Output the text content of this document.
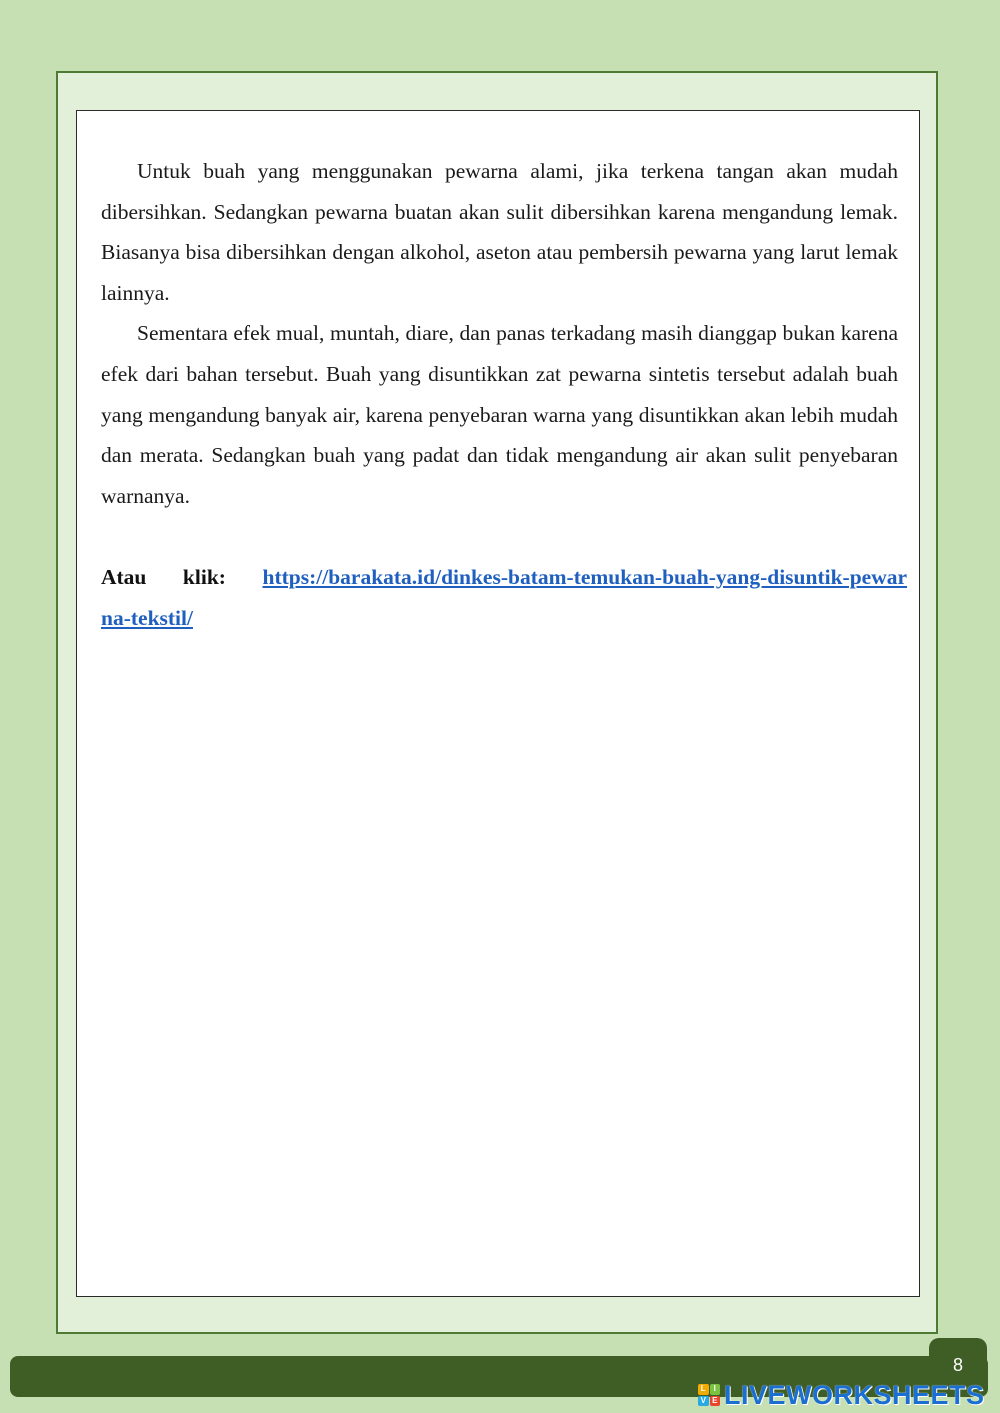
Untuk buah yang menggunakan pewarna alami, jika terkena tangan akan mudah dibersihkan. Sedangkan pewarna buatan akan sulit dibersihkan karena mengandung lemak. Biasanya bisa dibersihkan dengan alkohol, aseton atau pembersih pewarna yang larut lemak lainnya.

Sementara efek mual, muntah, diare, dan panas terkadang masih dianggap bukan karena efek dari bahan tersebut. Buah yang disuntikkan zat pewarna sintetis tersebut adalah buah yang mengandung banyak air, karena penyebaran warna yang disuntikkan akan lebih mudah dan merata. Sedangkan buah yang padat dan tidak mengandung air akan sulit penyebaran warnanya.

Atau klik: https://barakata.id/dinkes-batam-temukan-buah-yang-disuntik-pewarna-tekstil/
8
L I
V E LIVEWORKSHEETS
